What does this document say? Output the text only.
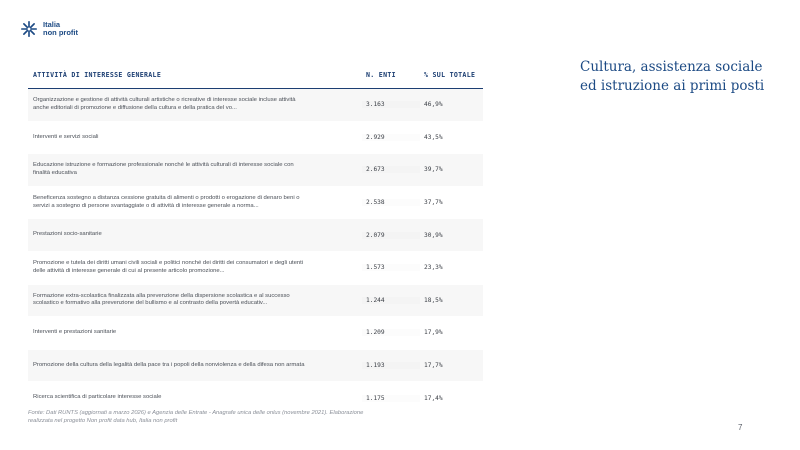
Italia
non profit
ATTIVITÀ DI INTERESSE GENERALE	N. ENTI	% SUL TOTALE
Organizzazione e gestione di attività culturali artistiche o ricreative di interesse sociale incluse attività anche editoriali di promozione e diffusione della cultura e della pratica del vo...	3.163	46,9%
Interventi e servizi sociali	2.929	43,5%
Educazione istruzione e formazione professionale nonché le attività culturali di interesse sociale con finalità educativa	2.673	39,7%
Beneficenza sostegno a distanza cessione gratuita di alimenti o prodotti o erogazione di denaro beni o servizi a sostegno di persone svantaggiate o di attività di interesse generale a norma...	2.538	37,7%
Prestazioni socio-sanitarie	2.079	30,9%
Promozione e tutela dei diritti umani civili sociali e politici nonché dei diritti dei consumatori e degli utenti delle attività di interesse generale di cui al presente articolo promozione...	1.573	23,3%
Formazione extra-scolastica finalizzata alla prevenzione della dispersione scolastica e al successo scolastico e formativo alla prevenzione del bullismo e al contrasto della povertà educativ...	1.244	18,5%
Interventi e prestazioni sanitarie	1.209	17,9%
Promozione della cultura della legalità della pace tra i popoli della nonviolenza e della difesa non armata	1.193	17,7%
Ricerca scientifica di particolare interesse sociale	1.175	17,4%
Fonte: Dati RUNTS (aggiornati a marzo 2026) e Agenzia delle Entrate - Anagrafe unica delle onlus (novembre 2021). Elaborazione realizzata nel progetto Non profit data hub, Italia non profit
Cultura, assistenza sociale ed istruzione ai primi posti
7
